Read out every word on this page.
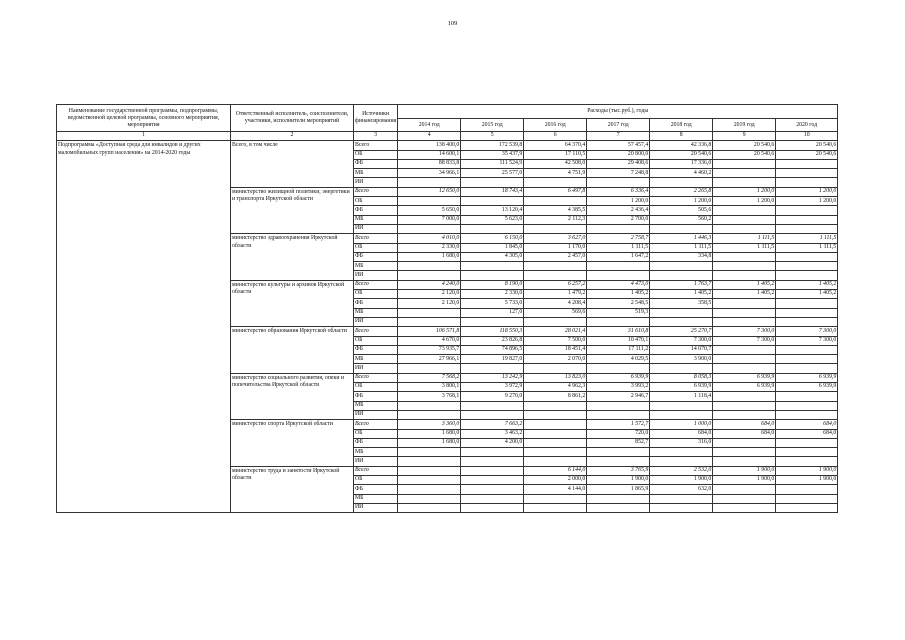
109
Наименование государственной программы, подпрограммы, ведомственной целевой программы, основного мероприятия, мероприятия	Ответственный исполнитель, соисполнители, участники, исполнители мероприятий	Источники финансирования	Расходы (тыс.руб.), годы						
			2014 год	2015 год	2016 год	2017 год	2018 год	2019 год	2020 год
1	2	3	4	5	6	7	8	9	10
Подпрограмма «Доступная среда для инвалидов и других маломобильных групп населения» на 2014-2020 годы	Всего, в том числе	Всего	138 400,0	172 539,8	64 370,4	57 457,4	42 336,8	20 540,6	20 540,6
		ОБ	14 600,1	35 437,9	17 110,5	20 800,0	20 540,6	20 540,6	20 540,6
		ФБ	88 833,8	111 524,9	42 508,0	29 408,6	17 336,0		
		МБ	34 966,1	25 577,0	4 751,9	7 248,8	4 460,2		
		ИИ							
	министерство жилищной политики, энергетики и транспорта Иркутской области	Всего	12 650,0	18 743,4	6 497,8	6 336,4	2 265,8	1 200,0	1 200,0
		ОБ				1 200,0	1 200,0	1 200,0	1 200,0
		ФБ	5 650,0	13 120,4	4 385,5	2 436,4	505,6		
		МБ	7 000,0	5 623,0	2 112,3	2 700,0	560,2		
		ИИ							
	министерство здравоохранения Иркутской области	Всего	4 010,0	6 150,0	3 627,0	2 758,7	1 446,3	1 111,5	1 111,5
		ОБ	2 330,0	1 845,0	1 170,0	1 111,5	1 111,5	1 111,5	1 111,5
		ФБ	1 680,0	4 305,0	2 457,0	1 647,2	334,8		
		МБ							
		ИИ							
	министерство культуры и архивов Иркутской области	Всего	4 240,0	8 190,0	6 257,2	4 473,0	1 763,7	1 405,2	1 405,2
		ОБ	2 120,0	2 330,0	1 479,2	1 405,2	1 405,2	1 405,2	1 405,2
		ФБ	2 120,0	5 733,0	4 208,4	2 548,5	358,5		
		МБ		127,0	569,6	519,3			
		ИИ							
	министерство образования Иркутской области	Всего	106 571,8	118 550,3	28 021,4	31 610,8	25 270,7	7 300,0	7 300,0
		ОБ	4 670,0	23 826,8	7 500,0	10 470,1	7 300,0	7 300,0	7 300,0
		ФБ	73 935,7	74 896,5	18 451,4	17 111,2	14 070,7		
		МБ	27 966,1	19 827,0	2 070,0	4 029,5	3 900,0		
		ИИ							
	министерство социального развития, опеки и попечительства Иркутской области	Всего	7 568,2	13 242,9	13 823,0	6 939,9	8 058,3	6 939,9	6 939,9
		ОБ	3 800,1	3 972,9	4 962,3	3 993,2	6 939,9	6 939,9	6 939,9
		ФБ	3 768,1	9 270,0	8 861,2	2 946,7	1 118,4		
		МБ							
		ИИ							
	министерство спорта Иркутской области	Всего	3 360,0	7 663,2		1 572,7	1 000,0	684,0	684,0
		ОБ	1 680,0	3 463,2		720,0	684,0	684,0	684,0
		ФБ	1 680,0	4 200,0		852,7	316,0		
		МБ							
		ИИ							
	министерство труда и занятости Иркутской области	Всего			6 144,0	3 765,9	2 532,0	1 900,0	1 900,0
		ОБ			2 000,0	1 900,0	1 900,0	1 900,0	1 900,0
		ФБ			4 144,0	1 865,9	632,0		
		МБ							
		ИИ							
